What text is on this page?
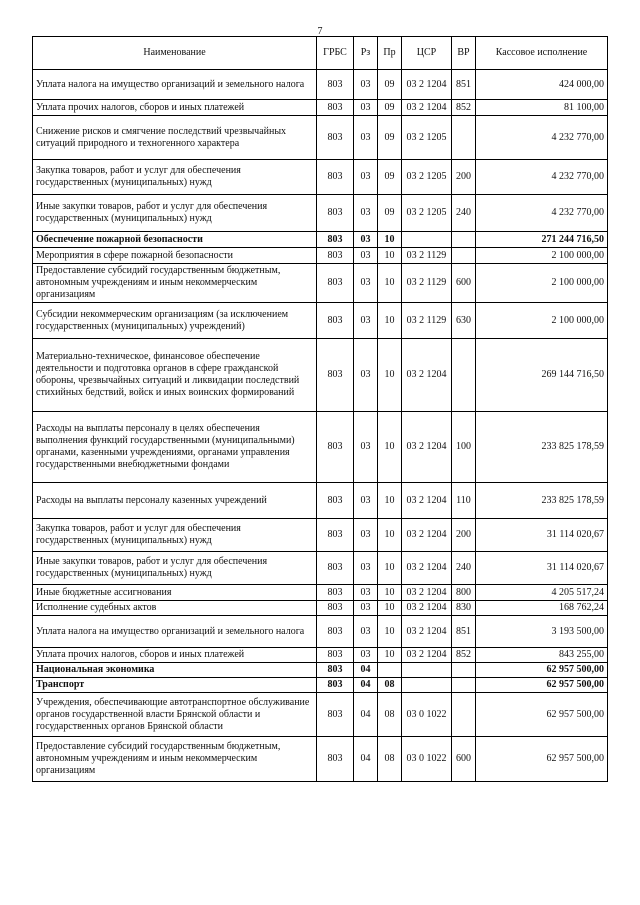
7
Наименование	ГРБС	Рз	Пр	ЦСР	ВР	Кассовое исполнение
Уплата налога на имущество организаций и земельного налога	803	03	09	03 2 1204	851	424 000,00
Уплата прочих налогов, сборов и иных платежей	803	03	09	03 2 1204	852	81 100,00
Снижение рисков и смягчение последствий чрезвычайных ситуаций природного и техногенного характера	803	03	09	03 2 1205		4 232 770,00
Закупка товаров, работ и услуг для обеспечения государственных (муниципальных) нужд	803	03	09	03 2 1205	200	4 232 770,00
Иные закупки товаров, работ и услуг для обеспечения государственных (муниципальных) нужд	803	03	09	03 2 1205	240	4 232 770,00
Обеспечение пожарной безопасности	803	03	10			271 244 716,50
Мероприятия в сфере пожарной безопасности	803	03	10	03 2 1129		2 100 000,00
Предоставление субсидий государственным бюджетным, автономным учреждениям и иным некоммерческим организациям	803	03	10	03 2 1129	600	2 100 000,00
Субсидии некоммерческим организациям (за исключением государственных (муниципальных) учреждений)	803	03	10	03 2 1129	630	2 100 000,00
Материально-техническое, финансовое обеспечение деятельности и подготовка органов в сфере гражданской обороны, чрезвычайных ситуаций и ликвидации последствий стихийных бедствий, войск и иных воинских формирований	803	03	10	03 2 1204		269 144 716,50
Расходы на выплаты персоналу в целях обеспечения выполнения функций государственными (муниципальными) органами, казенными учреждениями, органами управления государственными внебюджетными фондами	803	03	10	03 2 1204	100	233 825 178,59
Расходы на выплаты персоналу казенных учреждений	803	03	10	03 2 1204	110	233 825 178,59
Закупка товаров, работ и услуг для обеспечения государственных (муниципальных) нужд	803	03	10	03 2 1204	200	31 114 020,67
Иные закупки товаров, работ и услуг для обеспечения государственных (муниципальных) нужд	803	03	10	03 2 1204	240	31 114 020,67
Иные бюджетные ассигнования	803	03	10	03 2 1204	800	4 205 517,24
Исполнение судебных актов	803	03	10	03 2 1204	830	168 762,24
Уплата налога на имущество организаций и земельного налога	803	03	10	03 2 1204	851	3 193 500,00
Уплата прочих налогов, сборов и иных платежей	803	03	10	03 2 1204	852	843 255,00
Национальная экономика	803	04				62 957 500,00
Транспорт	803	04	08			62 957 500,00
Учреждения, обеспечивающие автотранспортное обслуживание органов государственной власти Брянской области и государственных органов Брянской области	803	04	08	03 0 1022		62 957 500,00
Предоставление субсидий государственным бюджетным, автономным учреждениям и иным некоммерческим организациям	803	04	08	03 0 1022	600	62 957 500,00
